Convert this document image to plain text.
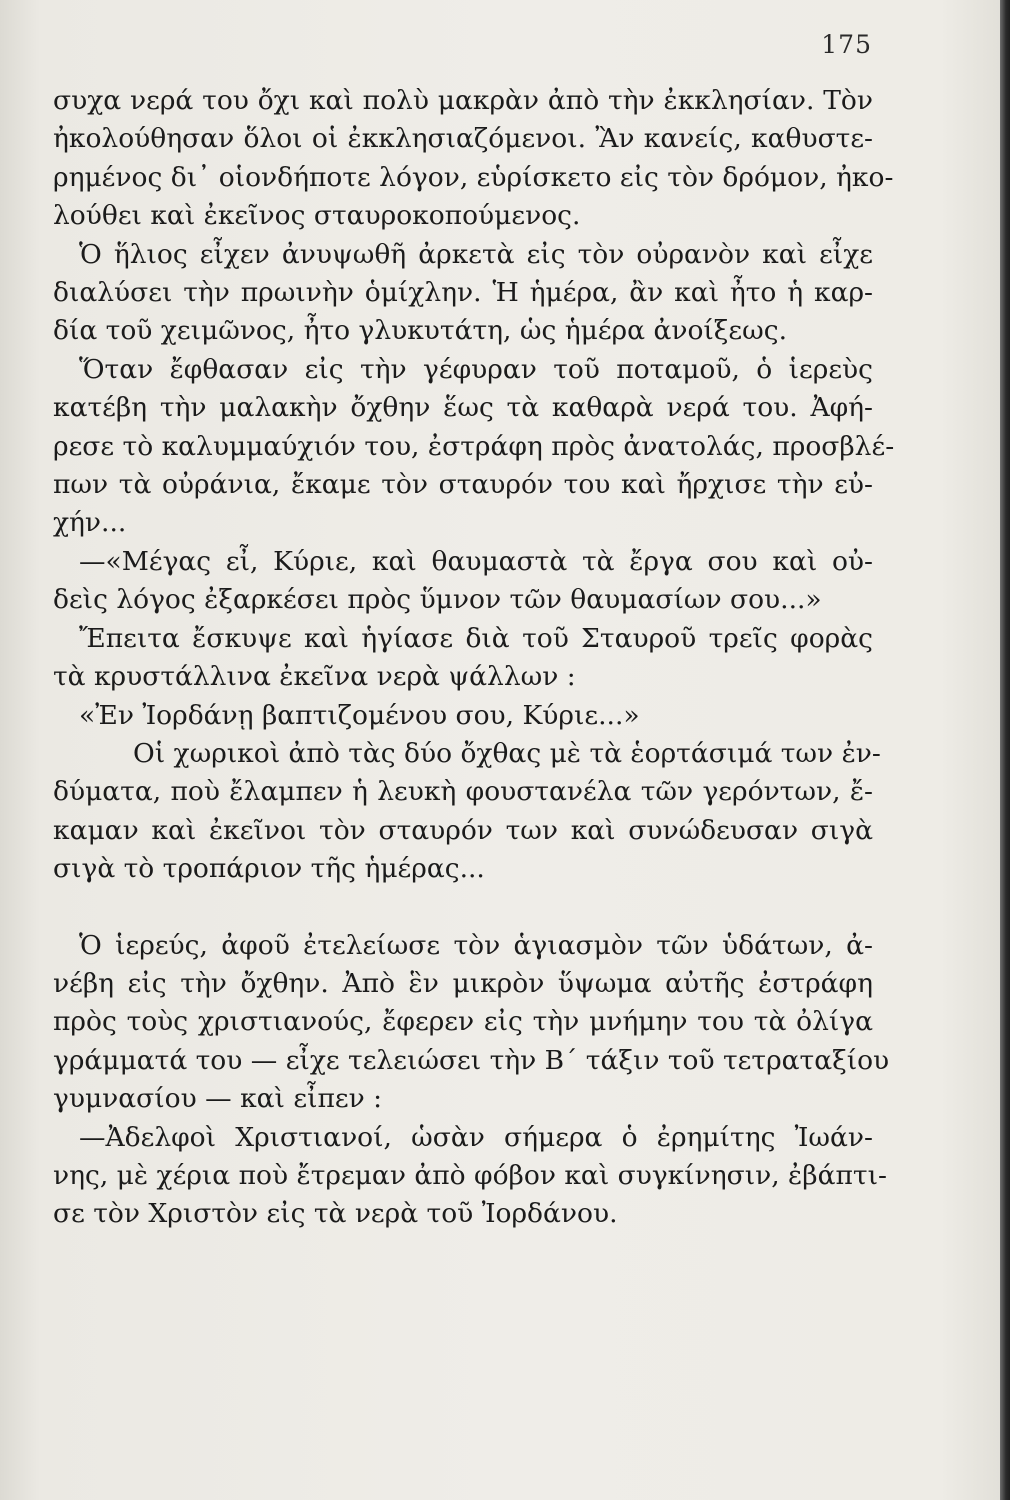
175
συχα νερά του ὄχι καὶ πολὺ μακρὰν ἀπὸ τὴν ἐκκλησίαν. Τὸν
ἠκολούθησαν ὅλοι οἱ ἐκκλησιαζόμενοι. Ἂν κανείς, καθυστε-
ρημένος δι᾽ οἱονδήποτε λόγον, εὑρίσκετο εἰς τὸν δρόμον, ἠκο-
λούθει καὶ ἐκεῖνος σταυροκοπούμενος.
Ὁ ἥλιος εἶχεν ἀνυψωθῆ ἀρκετὰ εἰς τὸν οὐρανὸν καὶ εἶχε
διαλύσει τὴν πρωινὴν ὁμίχλην. Ἡ ἡμέρα, ἂν καὶ ἦτο ἡ καρ-
δία τοῦ χειμῶνος, ἦτο γλυκυτάτη, ὡς ἡμέρα ἀνοίξεως.
Ὅταν ἔφθασαν εἰς τὴν γέφυραν τοῦ ποταμοῦ, ὁ ἱερεὺς
κατέβη τὴν μαλακὴν ὄχθην ἕως τὰ καθαρὰ νερά του. Ἀφή-
ρεσε τὸ καλυμμαύχιόν του, ἐστράφη πρὸς ἀνατολάς, προσβλέ-
πων τὰ οὐράνια, ἔκαμε τὸν σταυρόν του καὶ ἤρχισε τὴν εὐ-
χήν...
—«Μέγας εἶ, Κύριε, καὶ θαυμαστὰ τὰ ἔργα σου καὶ οὐ-
δεὶς λόγος ἐξαρκέσει πρὸς ὕμνον τῶν θαυμασίων σου...»
Ἔπειτα ἔσκυψε καὶ ἡγίασε διὰ τοῦ Σταυροῦ τρεῖς φορὰς
τὰ κρυστάλλινα ἐκεῖνα νερὰ ψάλλων :
«Ἐν Ἰορδάνῃ βαπτιζομένου σου, Κύριε...»
Οἱ χωρικοὶ ἀπὸ τὰς δύο ὄχθας μὲ τὰ ἑορτάσιμά των ἐν-
δύματα, ποὺ ἔλαμπεν ἡ λευκὴ φουστανέλα τῶν γερόντων, ἔ-
καμαν καὶ ἐκεῖνοι τὸν σταυρόν των καὶ συνώδευσαν σιγὰ
σιγὰ τὸ τροπάριον τῆς ἡμέρας...
Ὁ ἱερεύς, ἀφοῦ ἐτελείωσε τὸν ἁγιασμὸν τῶν ὑδάτων, ἀ-
νέβη εἰς τὴν ὄχθην. Ἀπὸ ἓν μικρὸν ὕψωμα αὐτῆς ἐστράφη
πρὸς τοὺς χριστιανούς, ἔφερεν εἰς τὴν μνήμην του τὰ ὀλίγα
γράμματά του — εἶχε τελειώσει τὴν Β΄ τάξιν τοῦ τετραταξίου
γυμνασίου — καὶ εἶπεν :
—Ἀδελφοὶ Χριστιανοί, ὡσὰν σήμερα ὁ ἐρημίτης Ἰωάν-
νης, μὲ χέρια ποὺ ἔτρεμαν ἀπὸ φόβον καὶ συγκίνησιν, ἐβάπτι-
σε τὸν Χριστὸν εἰς τὰ νερὰ τοῦ Ἰορδάνου.
